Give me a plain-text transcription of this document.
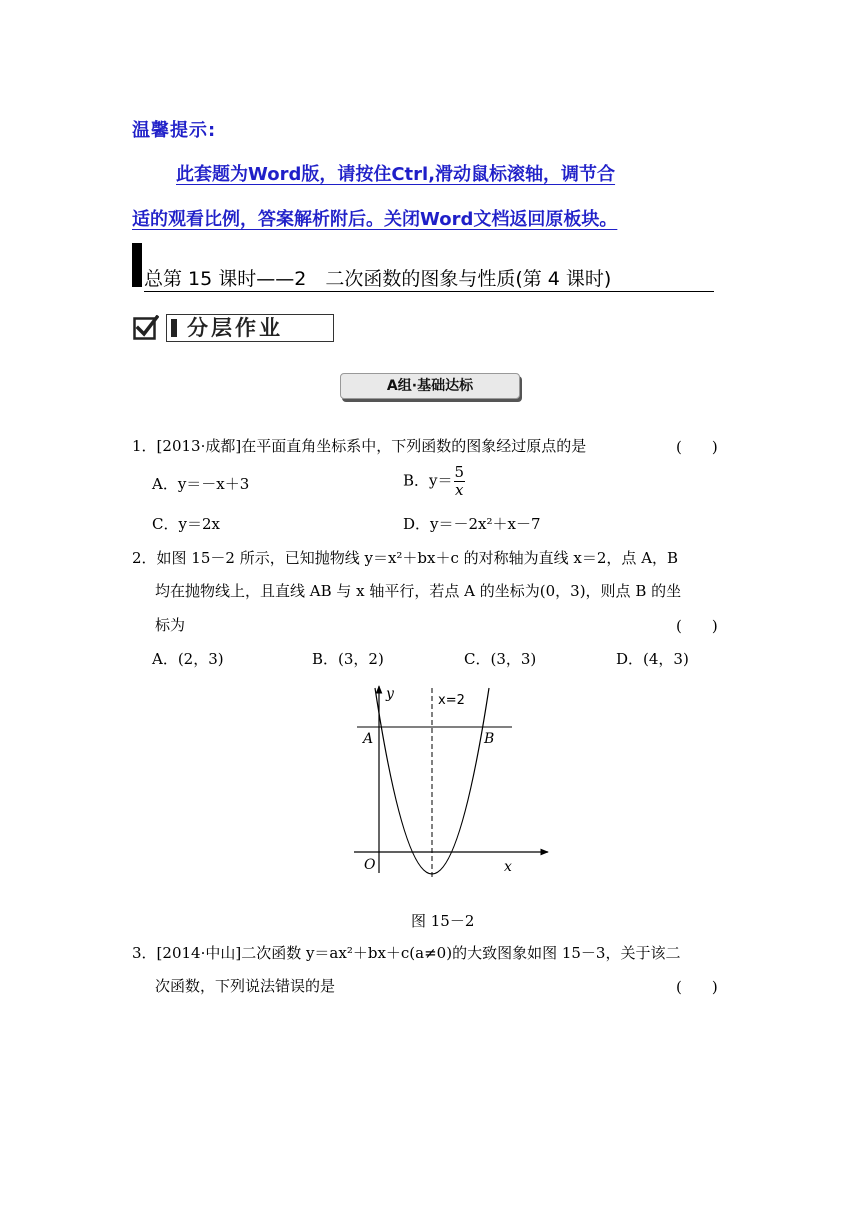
温馨提示:
此套题为Word版，请按住Ctrl,滑动鼠标滚轴，调节合
适的观看比例，答案解析附后。关闭Word文档返回原板块。
总第 15 课时——2　二次函数的图象与性质(第 4 课时)
分层作业
A组·基础达标
1．[2013·成都]在平面直角坐标系中，下列函数的图象经过原点的是	(　　)
A．y＝－x＋3	B．$y= \frac{5}{x}$
C．y＝2x	D．y＝－2x²＋x－7
2．如图 15－2 所示，已知抛物线 y＝x²＋bx＋c 的对称轴为直线 x＝2，点 A，B
均在抛物线上，且直线 AB 与 x 轴平行，若点 A 的坐标为(0，3)，则点 B 的坐
标为	(　　)
A．(2，3)	B．(3，2)	C．(3，3)	D．(4，3)
y
x
O
x=2
A	B
图 15－2
3．[2014·中山]二次函数 y＝ax²＋bx＋c(a≠0)的大致图象如图 15－3，关于该二
次函数，下列说法错误的是	(　　)
